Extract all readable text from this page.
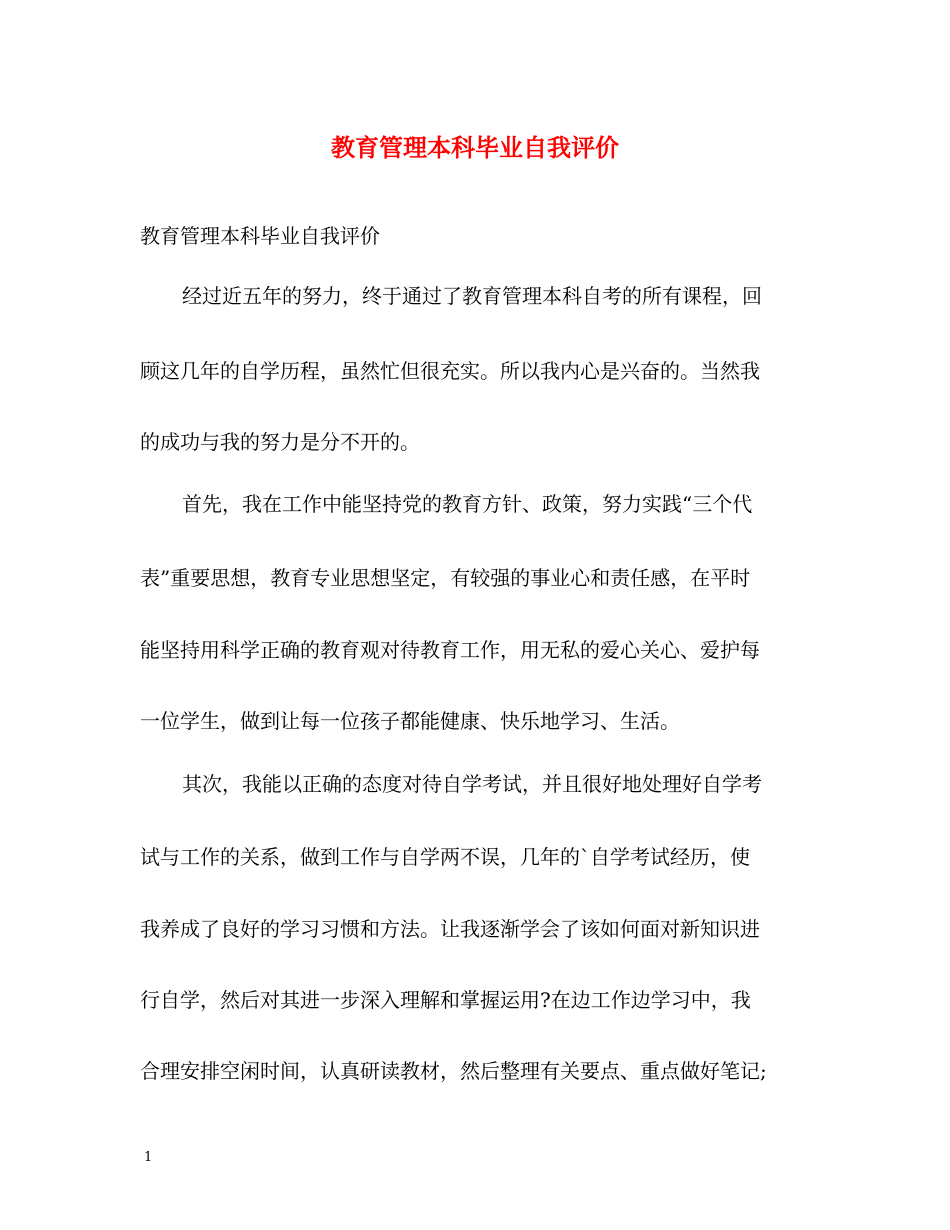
教育管理本科毕业自我评价

教育管理本科毕业自我评价

经过近五年的努力，终于通过了教育管理本科自考的所有课程，回

顾这几年的自学历程，虽然忙但很充实。所以我内心是兴奋的。当然我

的成功与我的努力是分不开的。

首先，我在工作中能坚持党的教育方针、政策，努力实践“三个代

表”重要思想，教育专业思想坚定，有较强的事业心和责任感，在平时

能坚持用科学正确的教育观对待教育工作，用无私的爱心关心、爱护每

一位学生，做到让每一位孩子都能健康、快乐地学习、生活。

其次，我能以正确的态度对待自学考试，并且很好地处理好自学考

试与工作的关系，做到工作与自学两不误，几年的`自学考试经历，使

我养成了良好的学习习惯和方法。让我逐渐学会了该如何面对新知识进

行自学，然后对其进一步深入理解和掌握运用?在边工作边学习中，我

合理安排空闲时间，认真研读教材，然后整理有关要点、重点做好笔记;

1
